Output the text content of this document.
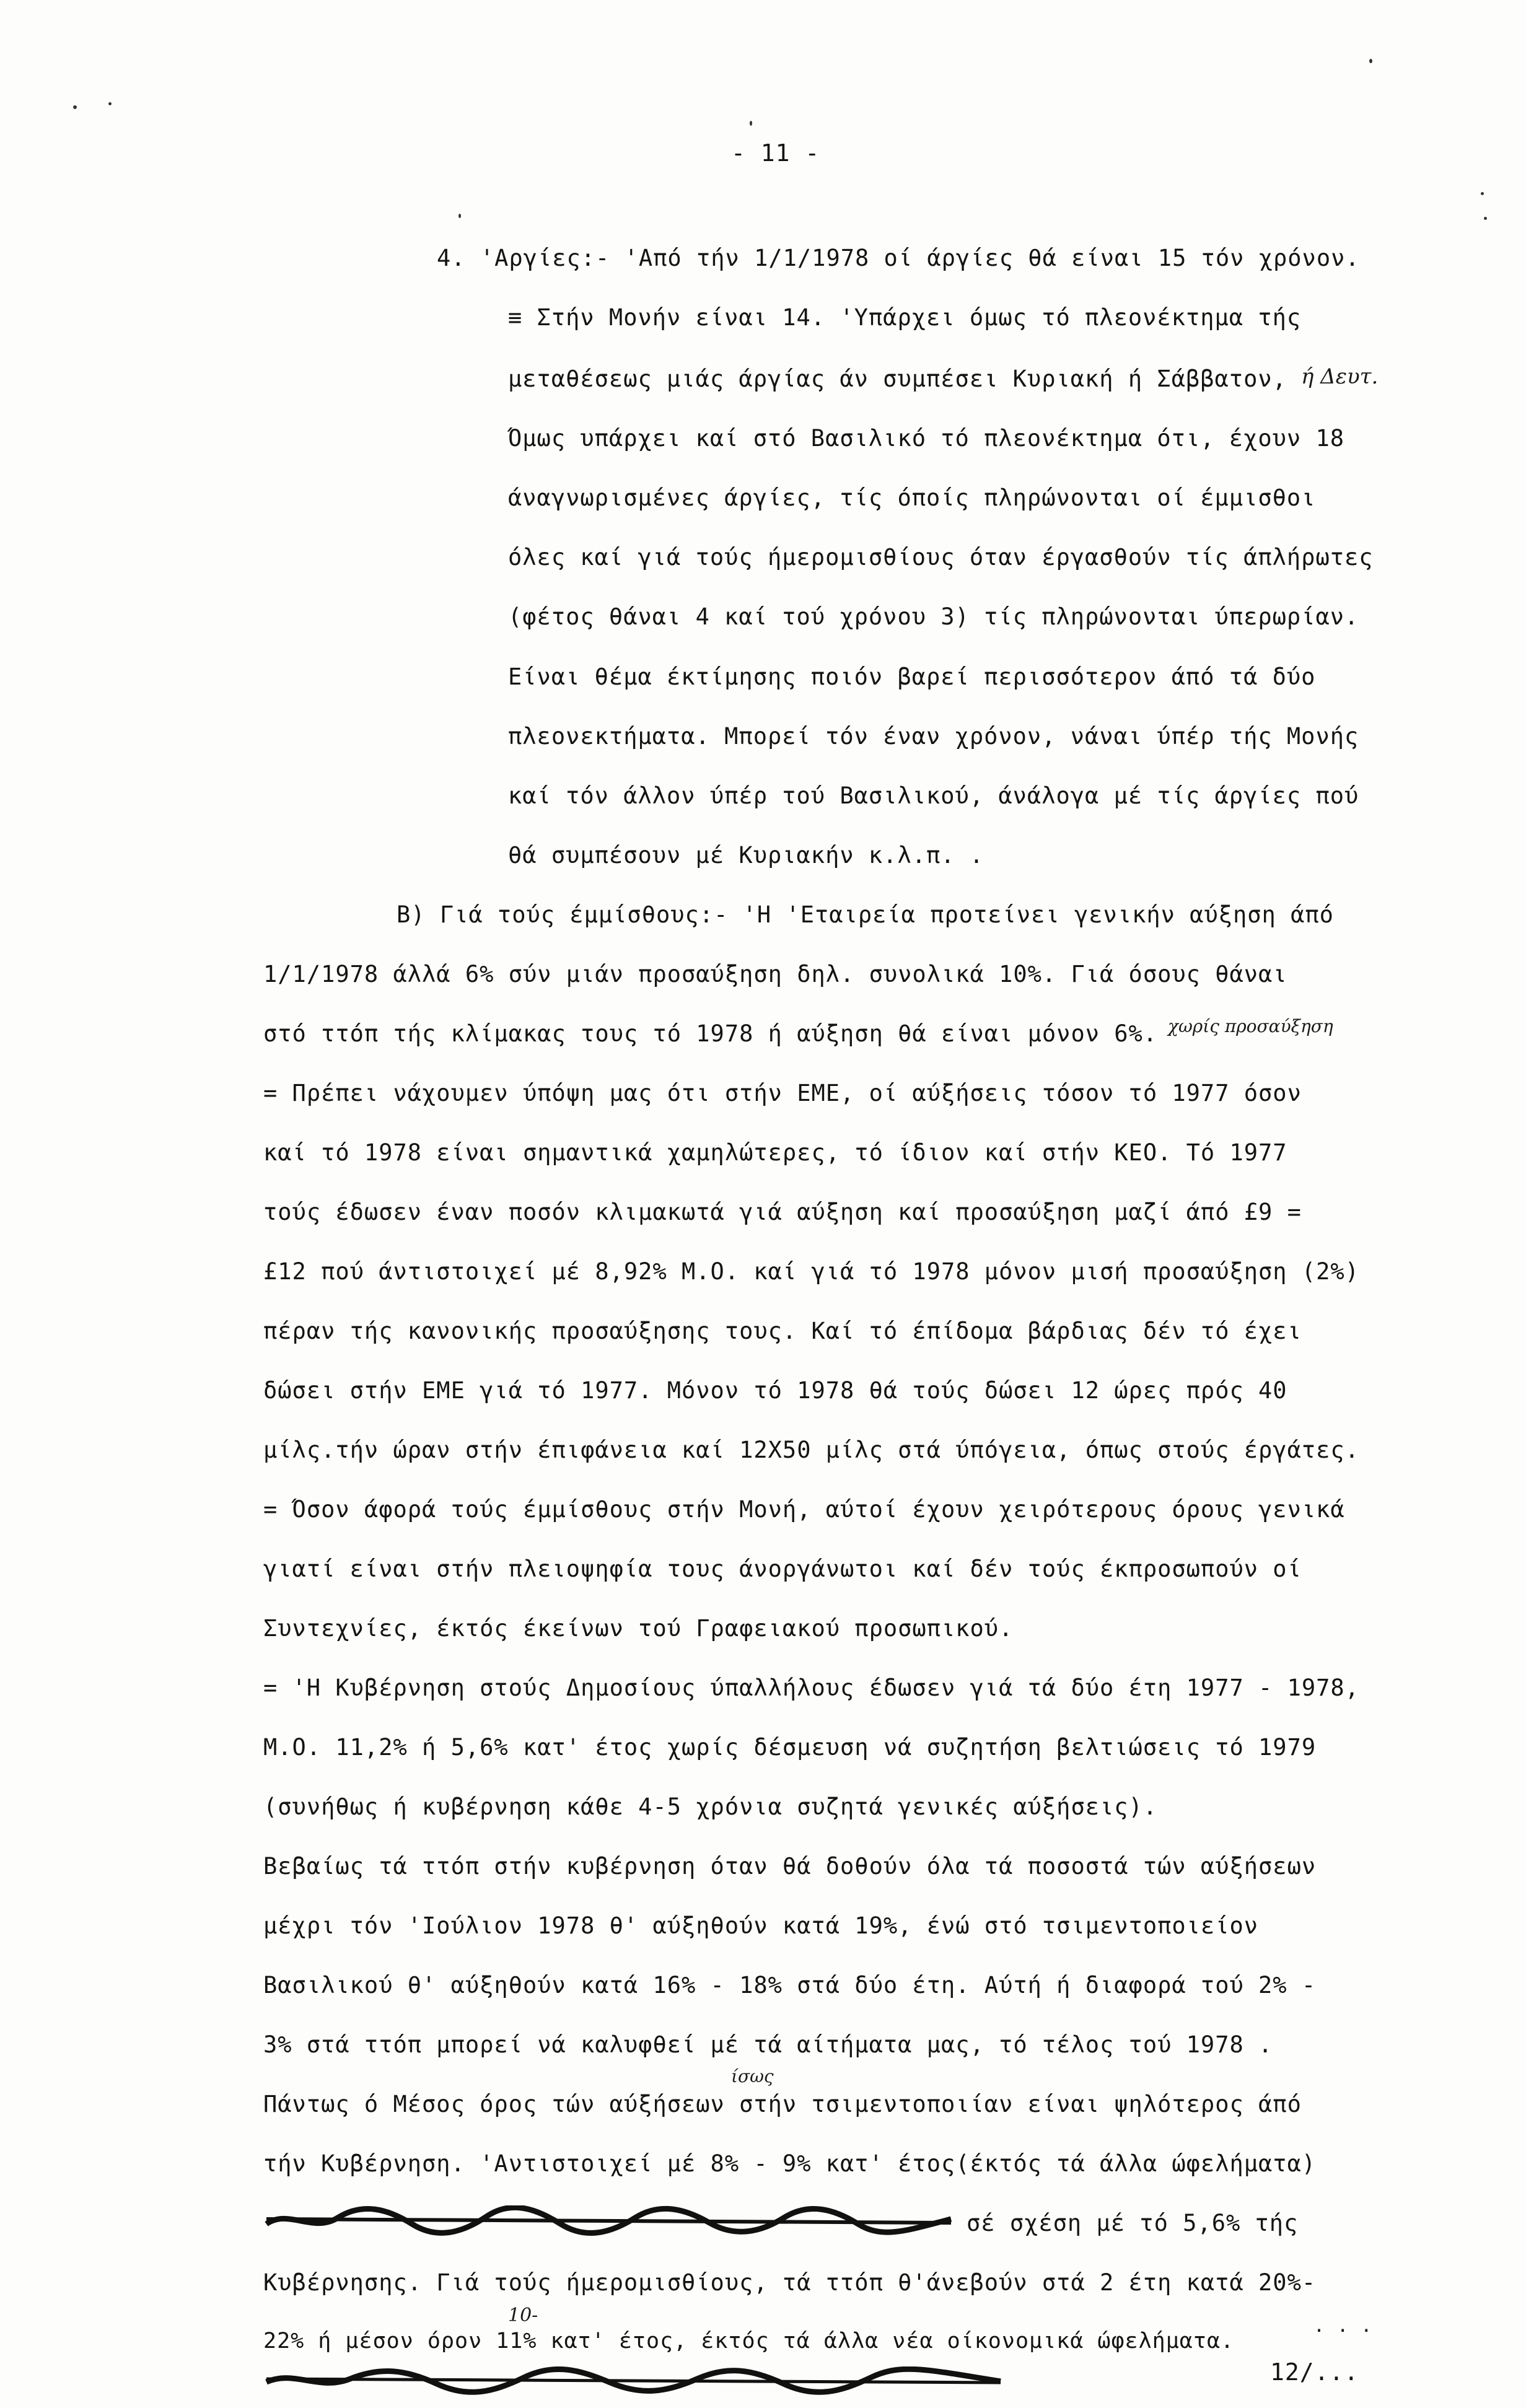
- 11 -
4. 'Αργίες:- 'Από τήν 1/1/1978 οί άργίες θά είναι 15 τόν χρόνον.
≡ Στήν Μονήν είναι 14. 'Υπάρχει όμως τό πλεονέκτημα τής
μεταθέσεως μιάς άργίας άν συμπέσει Κυριακή ή Σάββατον, ή Δευτ.
Όμως υπάρχει καί στό Βασιλικό τό πλεονέκτημα ότι, έχουν 18
άναγνωρισμένες άργίες, τίς όποίς πληρώνονται οί έμμισθοι
όλες καί γιά τούς ήμερομισθίους όταν έργασθούν τίς άπλήρωτες
(φέτος θάναι 4 καί τού χρόνου 3) τίς πληρώνονται ύπερωρίαν.
Είναι θέμα έκτίμησης ποιόν βαρεί περισσότερον άπό τά δύο
πλεονεκτήματα. Μπορεί τόν έναν χρόνον, νάναι ύπέρ τής Μονής
καί τόν άλλον ύπέρ τού Βασιλικού, άνάλογα μέ τίς άργίες πού
θά συμπέσουν μέ Κυριακήν κ.λ.π. .
Β) Γιά τούς έμμίσθους:- 'Η 'Εταιρεία προτείνει γενικήν αύξηση άπό
1/1/1978 άλλά 6% σύν μιάν προσαύξηση δηλ. συνολικά 10%. Γιά όσους θάναι
στό ττόπ τής κλίμακας τους τό 1978 ή αύξηση θά είναι μόνον 6%. χωρίς προσαύξηση
= Πρέπει νάχουμεν ύπόψη μας ότι στήν ΕΜΕ, οί αύξήσεις τόσον τό 1977 όσον
καί τό 1978 είναι σημαντικά χαμηλώτερες, τό ίδιον καί στήν ΚΕΟ. Τό 1977
τούς έδωσεν έναν ποσόν κλιμακωτά γιά αύξηση καί προσαύξηση μαζί άπό £9 =
£12 πού άντιστοιχεί μέ 8,92% Μ.Ο. καί γιά τό 1978 μόνον μισή προσαύξηση (2%)
πέραν τής κανονικής προσαύξησης τους. Καί τό έπίδομα βάρδιας δέν τό έχει
δώσει στήν ΕΜΕ γιά τό 1977. Μόνον τό 1978 θά τούς δώσει 12 ώρες πρός 40
μίλς.τήν ώραν στήν έπιφάνεια καί 12Χ50 μίλς στά ύπόγεια, όπως στούς έργάτες.
= Όσον άφορά τούς έμμίσθους στήν Μονή, αύτοί έχουν χειρότερους όρους γενικά
γιατί είναι στήν πλειοψηφία τους άνοργάνωτοι καί δέν τούς έκπροσωπούν οί
Συντεχνίες, έκτός έκείνων τού Γραφειακού προσωπικού.
= 'Η Κυβέρνηση στούς Δημοσίους ύπαλλήλους έδωσεν γιά τά δύο έτη 1977 - 1978,
Μ.Ο. 11,2% ή 5,6% κατ' έτος χωρίς δέσμευση νά συζητήση βελτιώσεις τό 1979
(συνήθως ή κυβέρνηση κάθε 4-5 χρόνια συζητά γενικές αύξήσεις).
Βεβαίως τά ττόπ στήν κυβέρνηση όταν θά δοθούν όλα τά ποσοστά τών αύξήσεων
μέχρι τόν 'Ιούλιον 1978 θ' αύξηθούν κατά 19%, ένώ στό τσιμεντοποιείον
Βασιλικού θ' αύξηθούν κατά 16% - 18% στά δύο έτη. Αύτή ή διαφορά τού 2% -
3% στά ττόπ μπορεί νά καλυφθεί μέ τά αίτήματα μας, τό τέλος τού 1978 .
ίσως
Πάντως ό Μέσος όρος τών αύξήσεων στήν τσιμεντοποιίαν είναι ψηλότερος άπό
τήν Κυβέρνηση. 'Αντιστοιχεί μέ 8% - 9% κατ' έτος(έκτός τά άλλα ώφελήματα)
σέ σχέση μέ τό 5,6% τής
Κυβέρνησης. Γιά τούς ήμερομισθίους, τά ττόπ θ'άνεβούν στά 2 έτη κατά 20%-
10-
22% ή μέσον όρον 11% κατ' έτος, έκτός τά άλλα νέα οίκονομικά ώφελήματα.
. . .
12/...
